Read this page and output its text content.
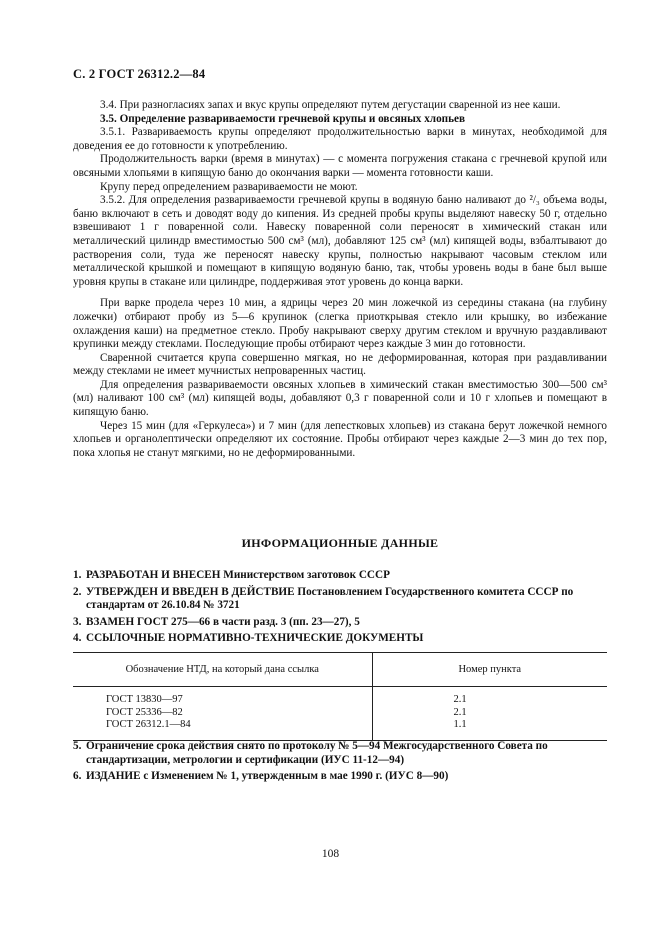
С. 2 ГОСТ 26312.2—84

3.4. При разногласиях запах и вкус крупы определяют путем дегустации сваренной из нее каши.

3.5. Определение развариваемости гречневой крупы и овсяных хлопьев

3.5.1. Развариваемость крупы определяют продолжительностью варки в минутах, необходимой для доведения ее до готовности к употреблению.

Продолжительность варки (время в минутах) — с момента погружения стакана с гречневой крупой или овсяными хлопьями в кипящую баню до окончания варки — момента готовности каши.

Крупу перед определением развариваемости не моют.

3.5.2. Для определения развариваемости гречневой крупы в водяную баню наливают до ²/₃ объема воды, баню включают в сеть и доводят воду до кипения. Из средней пробы крупы выделяют навеску 50 г, отдельно взвешивают 1 г поваренной соли. Навеску поваренной соли переносят в химический стакан или металлический цилиндр вместимостью 500 см³ (мл), добавляют 125 см³ (мл) кипящей воды, взбалтывают до растворения соли, туда же переносят навеску крупы, полностью накрывают часовым стеклом или металлической крышкой и помещают в кипящую водяную баню, так, чтобы уровень воды в бане был выше уровня крупы в стакане или цилиндре, поддерживая этот уровень до конца варки.

При варке продела через 10 мин, а ядрицы через 20 мин ложечкой из середины стакана (на глубину ложечки) отбирают пробу из 5—6 крупинок (слегка приоткрывая стекло или крышку, во избежание охлаждения каши) на предметное стекло. Пробу накрывают сверху другим стеклом и вручную раздавливают крупинки между стеклами. Последующие пробы отбирают через каждые 3 мин до готовности.

Сваренной считается крупа совершенно мягкая, но не деформированная, которая при раздавливании между стеклами не имеет мучнистых непроваренных частиц.

Для определения развариваемости овсяных хлопьев в химический стакан вместимостью 300—500 см³ (мл) наливают 100 см³ (мл) кипящей воды, добавляют 0,3 г поваренной соли и 10 г хлопьев и помещают в кипящую баню.

Через 15 мин (для «Геркулеса») и 7 мин (для лепестковых хлопьев) из стакана берут ложечкой немного хлопьев и органолептически определяют их состояние. Пробы отбирают через каждые 2—3 мин до тех пор, пока хлопья не станут мягкими, но не деформированными.

ИНФОРМАЦИОННЫЕ ДАННЫЕ
1. РАЗРАБОТАН И ВНЕСЕН Министерством заготовок СССР
2. УТВЕРЖДЕН И ВВЕДЕН В ДЕЙСТВИЕ Постановлением Государственного комитета СССР по стандартам от 26.10.84 № 3721
3. ВЗАМЕН ГОСТ 275—66 в части разд. 3 (пп. 23—27), 5
4. ССЫЛОЧНЫЕ НОРМАТИВНО-ТЕХНИЧЕСКИЕ ДОКУМЕНТЫ
Обозначение НТД, на который дана ссылка	Номер пункта
ГОСТ 13830—97	2.1
ГОСТ 25336—82	2.1
ГОСТ 26312.1—84	1.1
5. Ограничение срока действия снято по протоколу № 5—94 Межгосударственного Совета по стандартизации, метрологии и сертификации (ИУС 11-12—94)
6. ИЗДАНИЕ с Изменением № 1, утвержденным в мае 1990 г. (ИУС 8—90)
108
